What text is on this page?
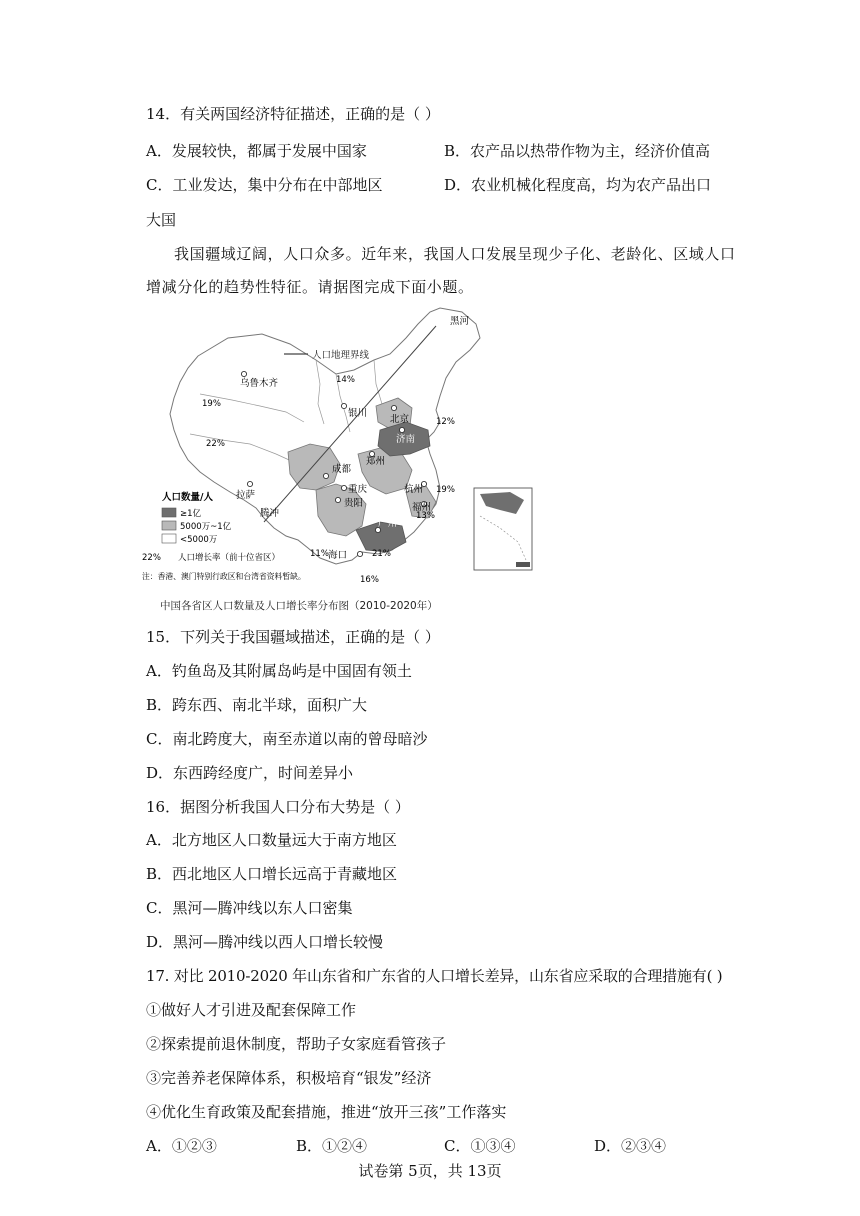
14．有关两国经济特征描述，正确的是（ ）
A．发展较快，都属于发展中国家	B．农产品以热带作物为主，经济价值高
C．工业发达，集中分布在中部地区	D．农业机械化程度高，均为农产品出口
大国
我国疆域辽阔，人口众多。近年来，我国人口发展呈现少子化、老龄化、区域人口
增减分化的趋势性特征。请据图完成下面小题。
人口地理界线
黑河
乌鲁木齐
银川
北京
济南
郑州
成都
重庆
贵阳
杭州
福州
广州
海口
拉萨
腾冲
14%
19%
22%
12%
19%
13%
11%	21%
16%
人口数量/人
≥1亿
5000万~1亿
<5000万
22% 人口增长率（前十位省区）
注：香港、澳门特别行政区和台湾省资料暂缺。
中国各省区人口数量及人口增长率分布图（2010-2020年）
15．下列关于我国疆域描述，正确的是（ ）
A．钓鱼岛及其附属岛屿是中国固有领土
B．跨东西、南北半球，面积广大
C．南北跨度大，南至赤道以南的曾母暗沙
D．东西跨经度广，时间差异小
16．据图分析我国人口分布大势是（ ）
A．北方地区人口数量远大于南方地区
B．西北地区人口增长远高于青藏地区
C．黑河—腾冲线以东人口密集
D．黑河—腾冲线以西人口增长较慢
17. 对比 2010-2020 年山东省和广东省的人口增长差异，山东省应采取的合理措施有( )
①做好人才引进及配套保障工作
②探索提前退休制度，帮助子女家庭看管孩子
③完善养老保障体系，积极培育“银发”经济
④优化生育政策及配套措施，推进“放开三孩”工作落实
A．①②③	B．①②④	C．①③④	D．②③④
试卷第 5页，共 13页
